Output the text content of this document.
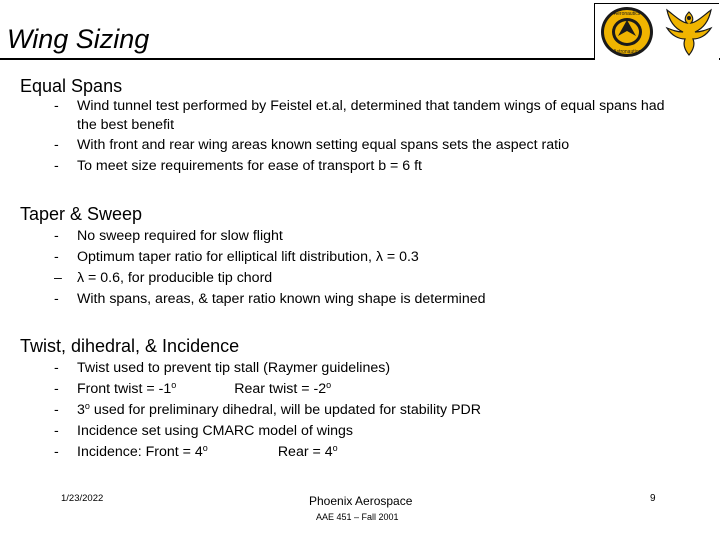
Wing Sizing
Aeronautics
Astronautics
Equal Spans
- Wind tunnel test performed by Feistel et.al, determined that tandem wings of equal spans had the best benefit
- With front and rear wing areas known setting equal spans sets the aspect ratio
- To meet size requirements for ease of transport b = 6 ft
Taper & Sweep
- No sweep required for slow flight
- Optimum taper ratio for elliptical lift distribution, λ = 0.3
– λ = 0.6, for producible tip chord
- With spans, areas, & taper ratio known wing shape is determined
Twist, dihedral, & Incidence
- Twist used to prevent tip stall (Raymer guidelines)
- Front twist = $-1^o$	Rear twist = $-2^o$
- 3$^o$ used for preliminary dihedral, will be updated for stability PDR
- Incidence set using CMARC model of wings
- Incidence: Front = $4^o$	Rear = $4^o$
1/23/2022	Phoenix Aerospace
AAE 451 – Fall 2001
9
